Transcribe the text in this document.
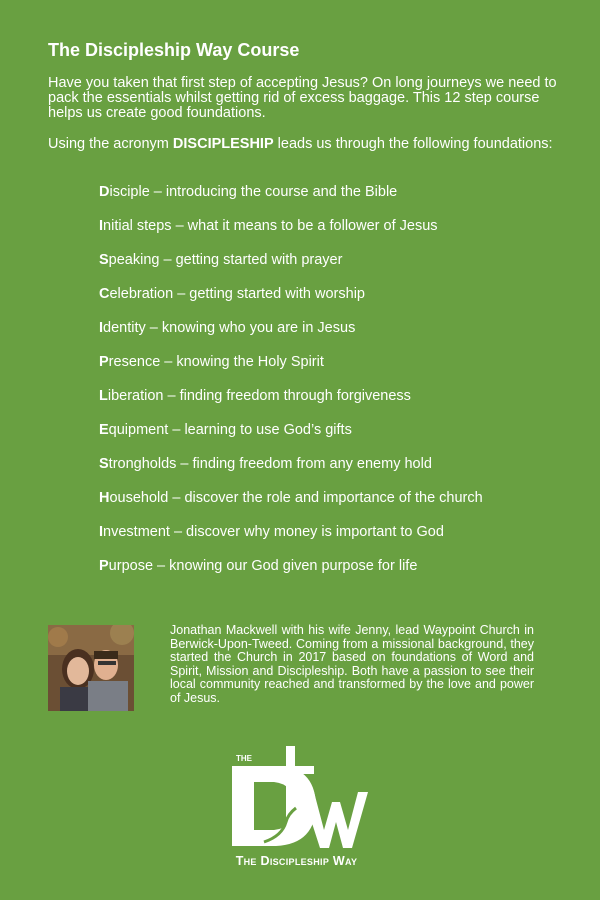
The Discipleship Way Course

Have you taken that first step of accepting Jesus? On long journeys we need to pack the essentials whilst getting rid of excess baggage. This 12 step course helps us create good foundations.

Using the acronym DISCIPLESHIP leads us through the following foundations:

Disciple – introducing the course and the Bible
Initial steps – what it means to be a follower of Jesus
Speaking – getting started with prayer
Celebration – getting started with worship
Identity – knowing who you are in Jesus
Presence – knowing the Holy Spirit
Liberation – finding freedom through forgiveness
Equipment – learning to use God’s gifts
Strongholds – finding freedom from any enemy hold
Household – discover the role and importance of the church
Investment – discover why money is important to God
Purpose – knowing our God given purpose for life

Jonathan Mackwell with his wife Jenny, lead Waypoint Church in Berwick-Upon-Tweed. Coming from a missional background, they started the Church in 2017 based on foundations of Word and Spirit, Mission and Discipleship. Both have a passion to see their local community reached and transformed by the love and power of Jesus.

THE
The Discipleship Way
